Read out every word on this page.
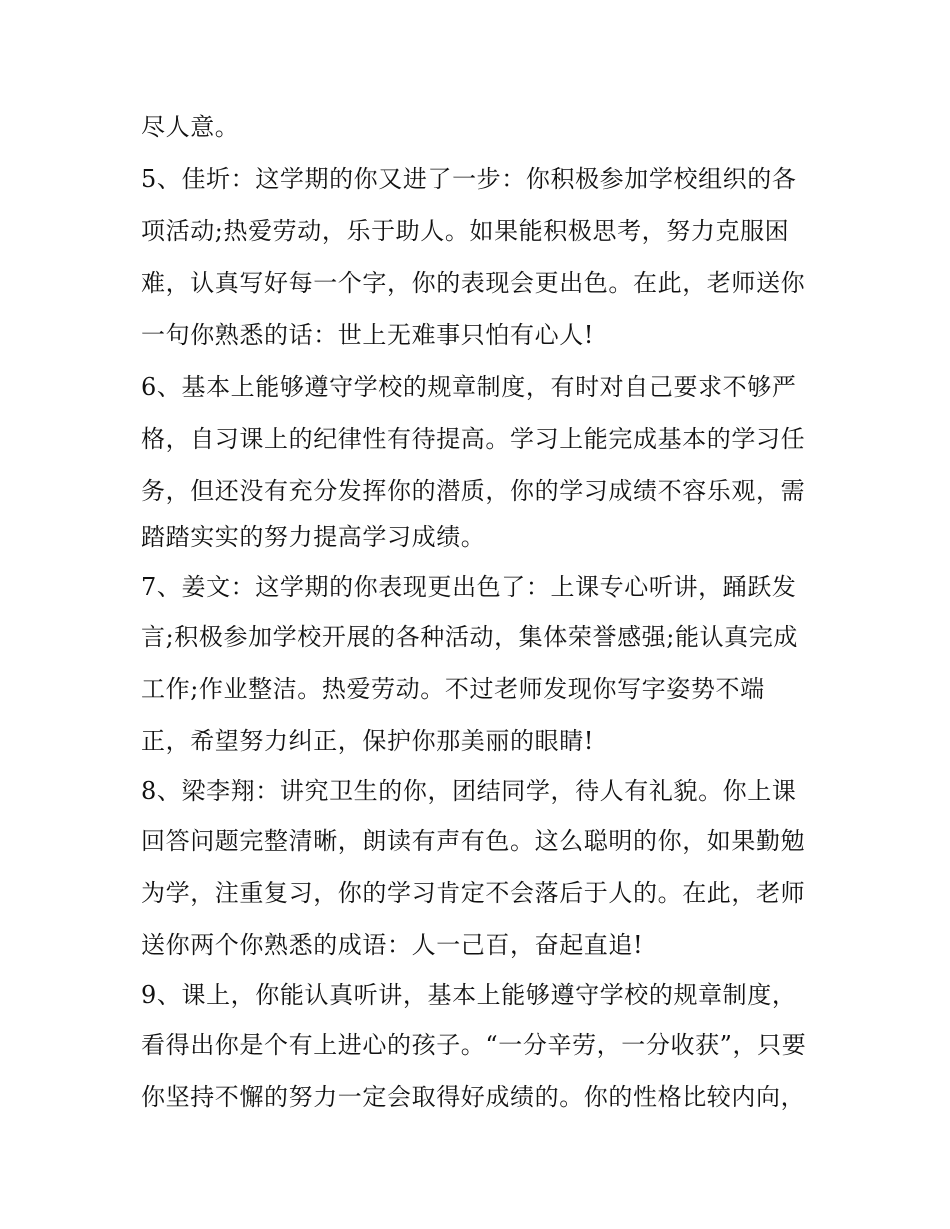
尽人意。
5、佳圻：这学期的你又进了一步：你积极参加学校组织的各
项活动;热爱劳动，乐于助人。如果能积极思考，努力克服困
难，认真写好每一个字，你的表现会更出色。在此，老师送你
一句你熟悉的话：世上无难事只怕有心人!
6、基本上能够遵守学校的规章制度，有时对自己要求不够严
格，自习课上的纪律性有待提高。学习上能完成基本的学习任
务，但还没有充分发挥你的潜质，你的学习成绩不容乐观，需
踏踏实实的努力提高学习成绩。
7、姜文：这学期的你表现更出色了：上课专心听讲，踊跃发
言;积极参加学校开展的各种活动，集体荣誉感强;能认真完成
工作;作业整洁。热爱劳动。不过老师发现你写字姿势不端
正，希望努力纠正，保护你那美丽的眼睛!
8、梁李翔：讲究卫生的你，团结同学，待人有礼貌。你上课
回答问题完整清晰，朗读有声有色。这么聪明的你，如果勤勉
为学，注重复习，你的学习肯定不会落后于人的。在此，老师
送你两个你熟悉的成语：人一己百，奋起直追!
9、课上，你能认真听讲，基本上能够遵守学校的规章制度，
看得出你是个有上进心的孩子。“一分辛劳，一分收获”，只要
你坚持不懈的努力一定会取得好成绩的。你的性格比较内向，
